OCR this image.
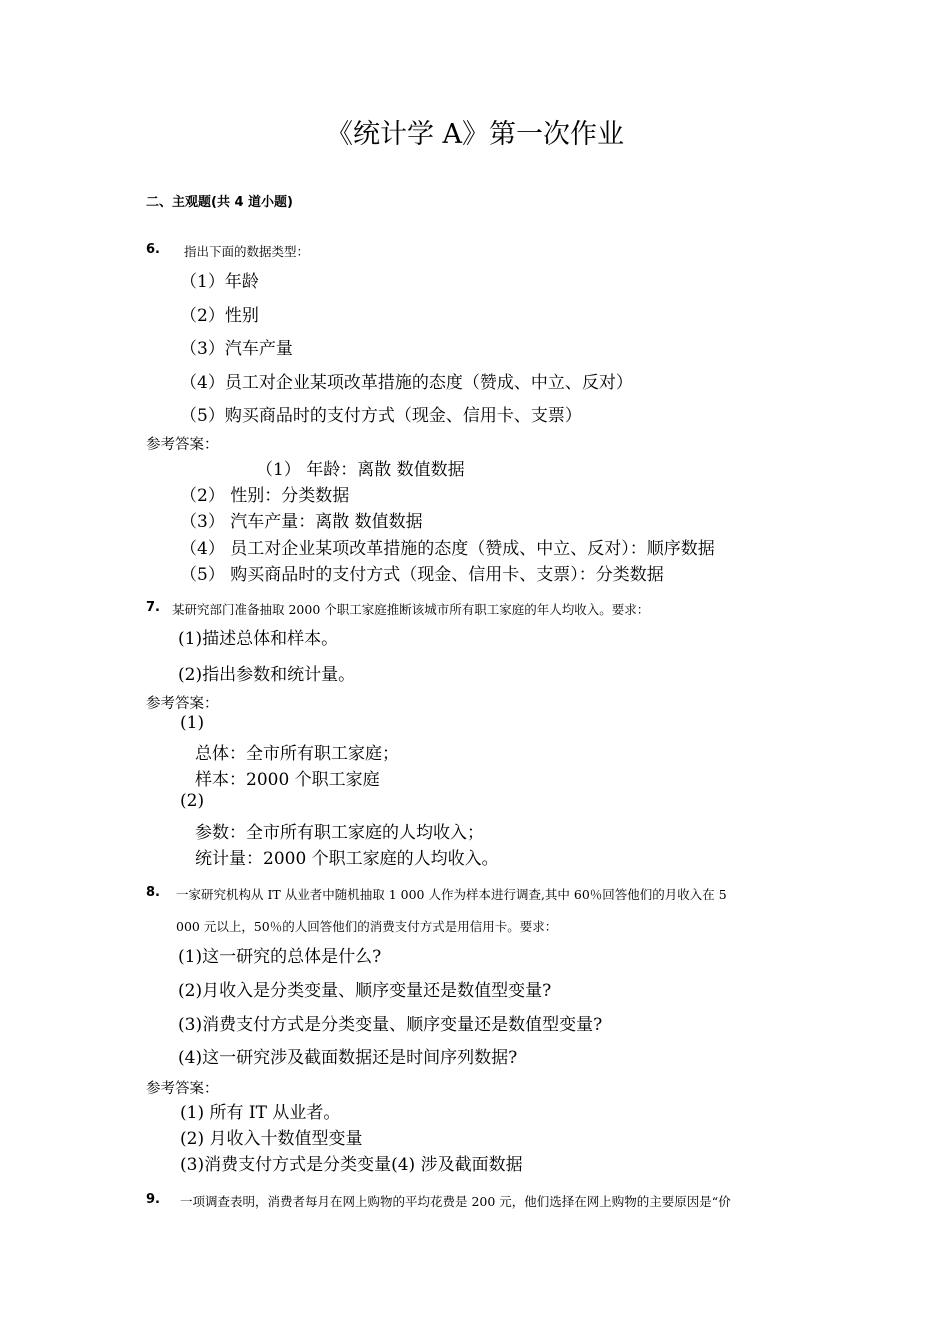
《统计学 A》第一次作业
二、主观题(共 4 道小题)
6. 指出下面的数据类型：
（1）年龄
（2）性别
（3）汽车产量
（4）员工对企业某项改革措施的态度（赞成、中立、反对）
（5）购买商品时的支付方式（现金、信用卡、支票）
参考答案：
（1） 年龄：离散 数值数据
（2） 性别：分类数据
（3） 汽车产量：离散 数值数据
（4） 员工对企业某项改革措施的态度（赞成、中立、反对）：顺序数据
（5） 购买商品时的支付方式（现金、信用卡、支票）：分类数据
7. 某研究部门准备抽取 2000 个职工家庭推断该城市所有职工家庭的年人均收入。要求：
(1)描述总体和样本。
(2)指出参数和统计量。
参考答案：
(1)
总体：全市所有职工家庭；
样本：2000 个职工家庭
(2)
参数：全市所有职工家庭的人均收入；
统计量：2000 个职工家庭的人均收入。
8. 一家研究机构从 IT 从业者中随机抽取 1 000 人作为样本进行调查,其中 60％回答他们的月收入在 5
000 元以上，50％的人回答他们的消费支付方式是用信用卡。要求：
(1)这一研究的总体是什么?
(2)月收入是分类变量、顺序变量还是数值型变量?
(3)消费支付方式是分类变量、顺序变量还是数值型变量?
(4)这一研究涉及截面数据还是时间序列数据?
参考答案：
(1) 所有 IT 从业者。
(2) 月收入十数值型变量
(3)消费支付方式是分类变量(4) 涉及截面数据
9. 一项调查表明，消费者每月在网上购物的平均花费是 200 元，他们选择在网上购物的主要原因是“价
